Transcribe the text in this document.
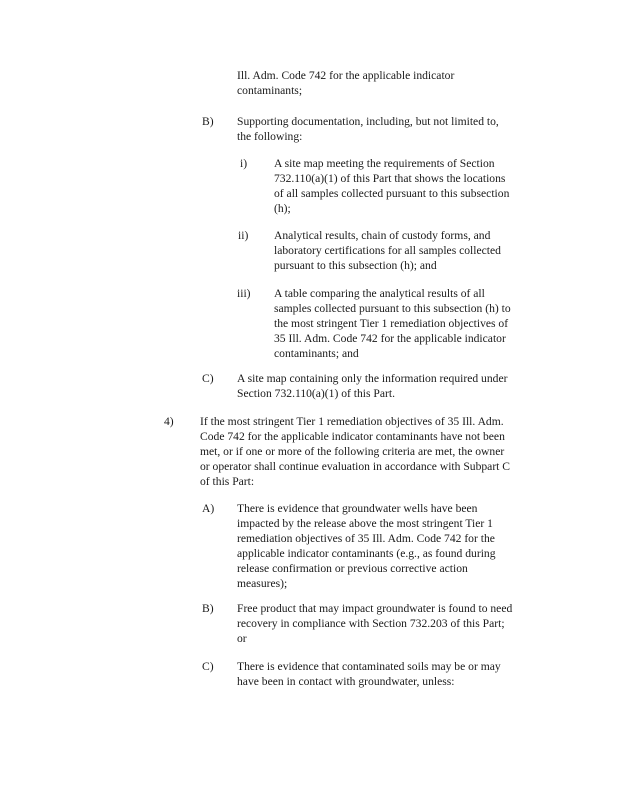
Ill. Adm. Code 742 for the applicable indicator
contaminants;
B) Supporting documentation, including, but not limited to,
the following:
i) A site map meeting the requirements of Section
732.110(a)(1) of this Part that shows the locations
of all samples collected pursuant to this subsection
(h);
ii) Analytical results, chain of custody forms, and
laboratory certifications for all samples collected
pursuant to this subsection (h); and
iii) A table comparing the analytical results of all
samples collected pursuant to this subsection (h) to
the most stringent Tier 1 remediation objectives of
35 Ill. Adm. Code 742 for the applicable indicator
contaminants; and
C) A site map containing only the information required under
Section 732.110(a)(1) of this Part.
4) If the most stringent Tier 1 remediation objectives of 35 Ill. Adm.
Code 742 for the applicable indicator contaminants have not been
met, or if one or more of the following criteria are met, the owner
or operator shall continue evaluation in accordance with Subpart C
of this Part:
A) There is evidence that groundwater wells have been
impacted by the release above the most stringent Tier 1
remediation objectives of 35 Ill. Adm. Code 742 for the
applicable indicator contaminants (e.g., as found during
release confirmation or previous corrective action
measures);
B) Free product that may impact groundwater is found to need
recovery in compliance with Section 732.203 of this Part;
or
C) There is evidence that contaminated soils may be or may
have been in contact with groundwater, unless:
